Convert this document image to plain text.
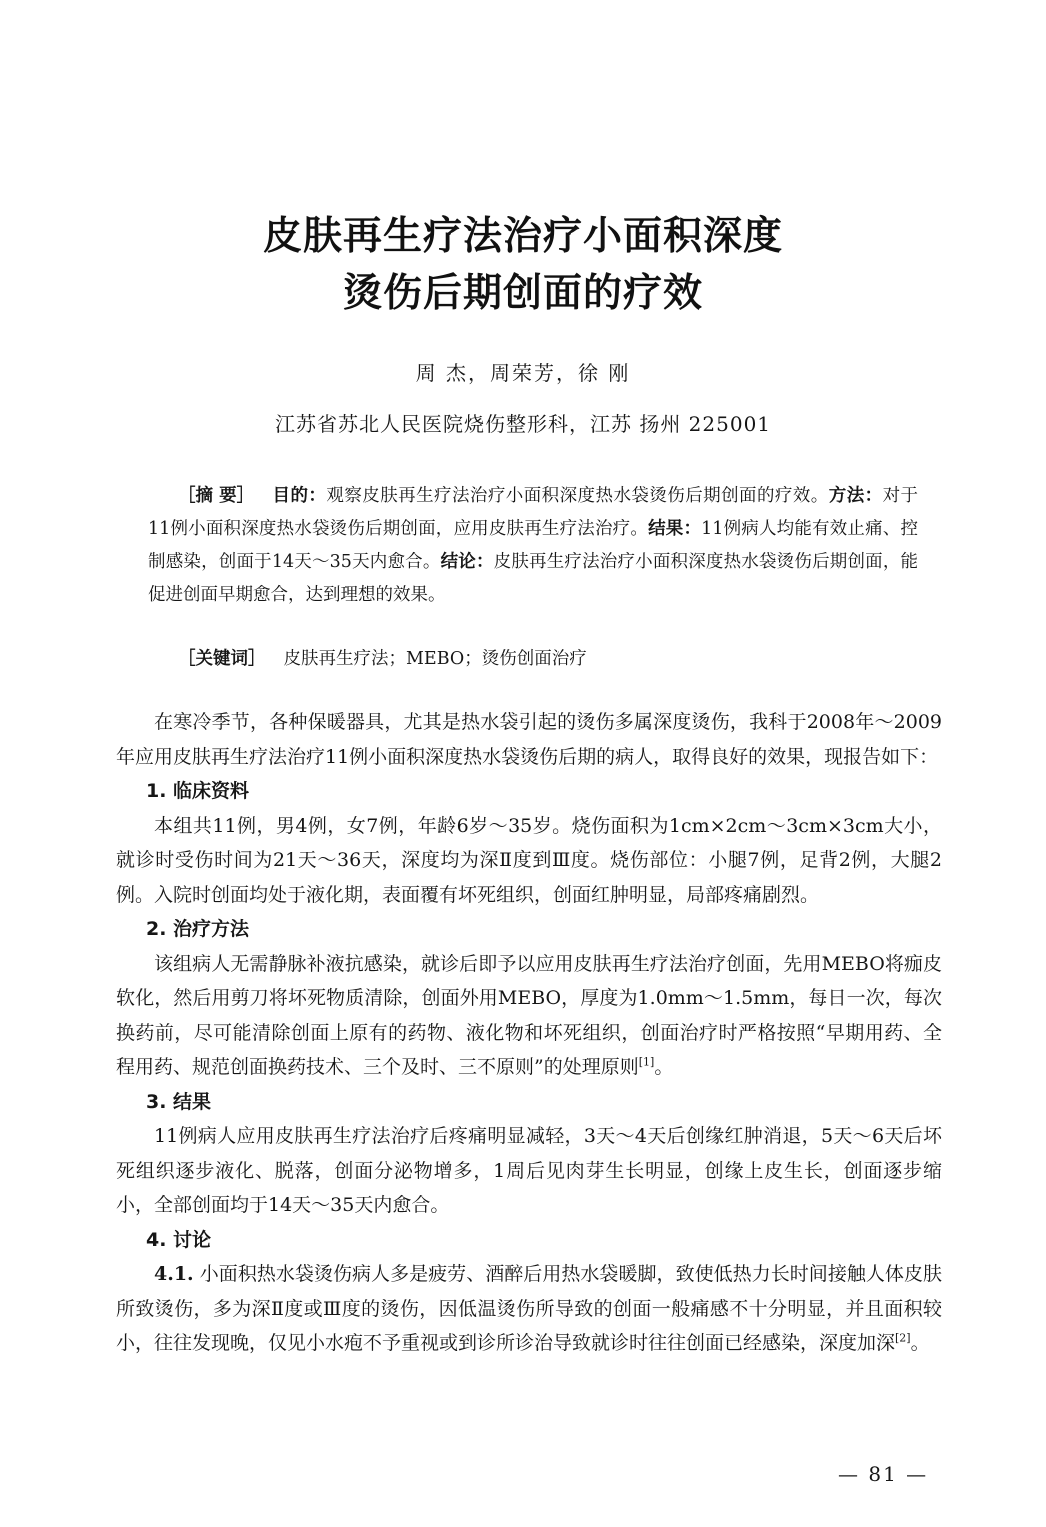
皮肤再生疗法治疗小面积深度
烫伤后期创面的疗效
周 杰，周荣芳，徐 刚
江苏省苏北人民医院烧伤整形科，江苏 扬州 225001
［摘 要］ 目的：观察皮肤再生疗法治疗小面积深度热水袋烫伤后期创面的疗效。方法：对于11例小面积深度热水袋烫伤后期创面，应用皮肤再生疗法治疗。结果：11例病人均能有效止痛、控制感染，创面于14天～35天内愈合。结论：皮肤再生疗法治疗小面积深度热水袋烫伤后期创面，能促进创面早期愈合，达到理想的效果。
［关键词］ 皮肤再生疗法；MEBO；烫伤创面治疗

在寒冷季节，各种保暖器具，尤其是热水袋引起的烫伤多属深度烫伤，我科于2008年～2009年应用皮肤再生疗法治疗11例小面积深度热水袋烫伤后期的病人，取得良好的效果，现报告如下：

1. 临床资料

本组共11例，男4例，女7例，年龄6岁～35岁。烧伤面积为1cm×2cm～3cm×3cm大小，就诊时受伤时间为21天～36天，深度均为深Ⅱ度到Ⅲ度。烧伤部位：小腿7例，足背2例，大腿2例。入院时创面均处于液化期，表面覆有坏死组织，创面红肿明显，局部疼痛剧烈。

2. 治疗方法

该组病人无需静脉补液抗感染，就诊后即予以应用皮肤再生疗法治疗创面，先用MEBO将痂皮软化，然后用剪刀将坏死物质清除，创面外用MEBO，厚度为1.0mm～1.5mm，每日一次，每次换药前，尽可能清除创面上原有的药物、液化物和坏死组织，创面治疗时严格按照“早期用药、全程用药、规范创面换药技术、三个及时、三不原则”的处理原则[1]。

3. 结果

11例病人应用皮肤再生疗法治疗后疼痛明显减轻，3天～4天后创缘红肿消退，5天～6天后坏死组织逐步液化、脱落，创面分泌物增多，1周后见肉芽生长明显，创缘上皮生长，创面逐步缩小，全部创面均于14天～35天内愈合。

4. 讨论

4.1. 小面积热水袋烫伤病人多是疲劳、酒醉后用热水袋暖脚，致使低热力长时间接触人体皮肤所致烫伤，多为深Ⅱ度或Ⅲ度的烫伤，因低温烫伤所导致的创面一般痛感不十分明显，并且面积较小，往往发现晚，仅见小水疱不予重视或到诊所诊治导致就诊时往往创面已经感染，深度加深[2]。

— 81 —
